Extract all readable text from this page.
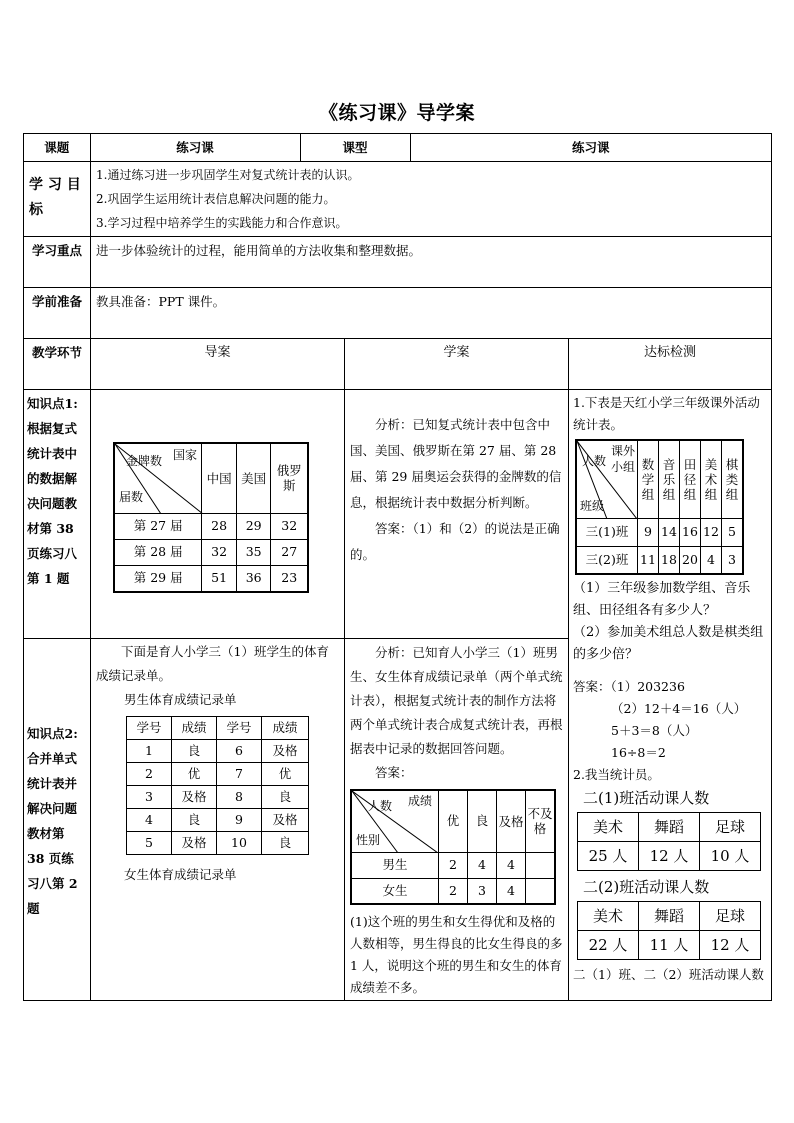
《练习课》导学案
课题	练习课	课型	练习课

学 习 目 标	

1.通过练习进一步巩固学生对复式统计表的认识。

2.巩固学生运用统计表信息解决问题的能力。

3.学习过程中培养学生的实践能力和合作意识。

学习重点	进一步体验统计的过程，能用简单的方法收集和整理数据。
学前准备	教具准备：PPT 课件。
教学环节	导案	学案	达标检测
知识点1:根据复式统计表中的数据解决问题教材第 38 页练习八第 1 题	
国家
金牌数
届数
	中国	美国	俄罗斯
第 27 届	28	29	32
第 28 届	32	35	27
第 29 届	51	36	23

分析：已知复式统计表中包含中国、美国、俄罗斯在第 27 届、第 28 届、第 29 届奥运会获得的金牌数的信息，根据统计表中数据分析判断。

答案：（1）和（2）的说法是正确的。

1.下表是天红小学三年级课外活动统计表。

课外小组
人数
班级
	数学组	音乐组	田径组	美术组	棋类组
三(1)班	9	14	16	12	5
三(2)班	11	18	20	4	3

（1）三年级参加数学组、音乐组、田径组各有多少人？

（2）参加美术组总人数是棋类组的多少倍？

答案：（1）203236

（2）12＋4＝16（人）

5＋3＝8（人）

16÷8＝2

2.我当统计员。

二(1)班活动课人数

美术	舞蹈	足球
25 人	12 人	10 人

二(2)班活动课人数

美术	舞蹈	足球
22 人	11 人	12 人

二（1）班、二（2）班活动课人数

知识点2:合并单式统计表并解决问题教材第 38 页练习八第 2 题	

下面是育人小学三（1）班学生的体育成绩记录单。

男生体育成绩记录单

学号	成绩	学号	成绩
1	良	6	及格
2	优	7	优
3	及格	8	良
4	良	9	及格
5	及格	10	良

女生体育成绩记录单

分析：已知育人小学三（1）班男生、女生体育成绩记录单（两个单式统计表），根据复式统计表的制作方法将两个单式统计表合成复式统计表，再根据表中记录的数据回答问题。

答案：

成绩
人数
性别
	优	良	及格	不及格
男生	2	4	4	
女生	2	3	4	

(1)这个班的男生和女生得优和及格的人数相等，男生得良的比女生得良的多 1 人，说明这个班的男生和女生的体育成绩差不多。
